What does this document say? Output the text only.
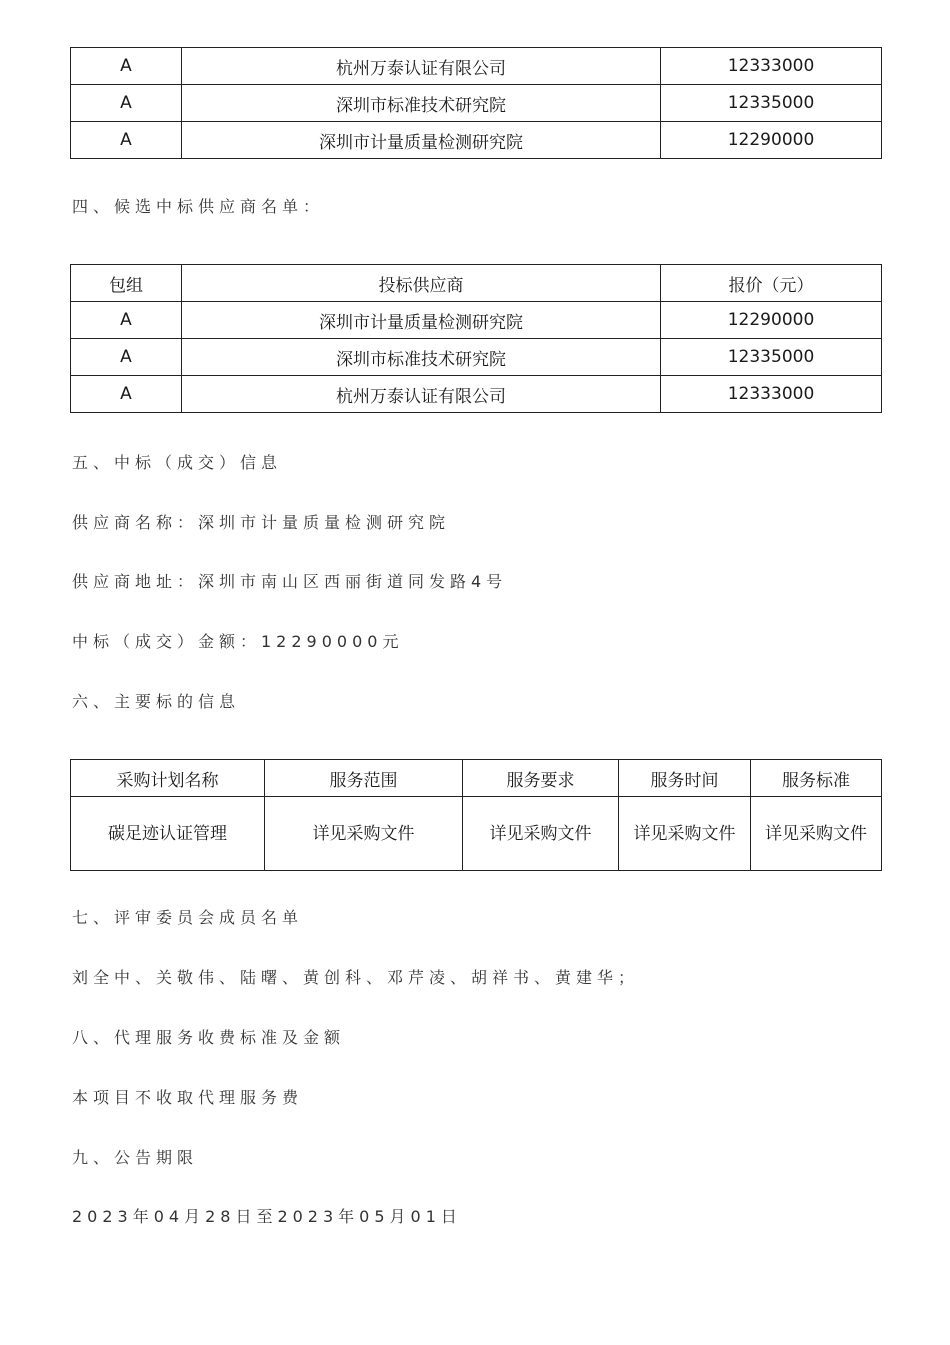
A	杭州万泰认证有限公司	12333000
A	深圳市标准技术研究院	12335000
A	深圳市计量质量检测研究院	12290000
四、候选中标供应商名单：
包组	投标供应商	报价（元）
A	深圳市计量质量检测研究院	12290000
A	深圳市标准技术研究院	12335000
A	杭州万泰认证有限公司	12333000
五、中标（成交）信息
供应商名称：深圳市计量质量检测研究院
供应商地址：深圳市南山区西丽街道同发路4号
中标（成交）金额：12290000元
六、主要标的信息
采购计划名称	服务范围	服务要求	服务时间	服务标准
碳足迹认证管理	详见采购文件	详见采购文件	详见采购文件	详见采购文件
七、评审委员会成员名单
刘全中、关敬伟、陆曙、黄创科、邓芹凌、胡祥书、黄建华；
八、代理服务收费标准及金额
本项目不收取代理服务费
九、公告期限
2023年04月28日至2023年05月01日
